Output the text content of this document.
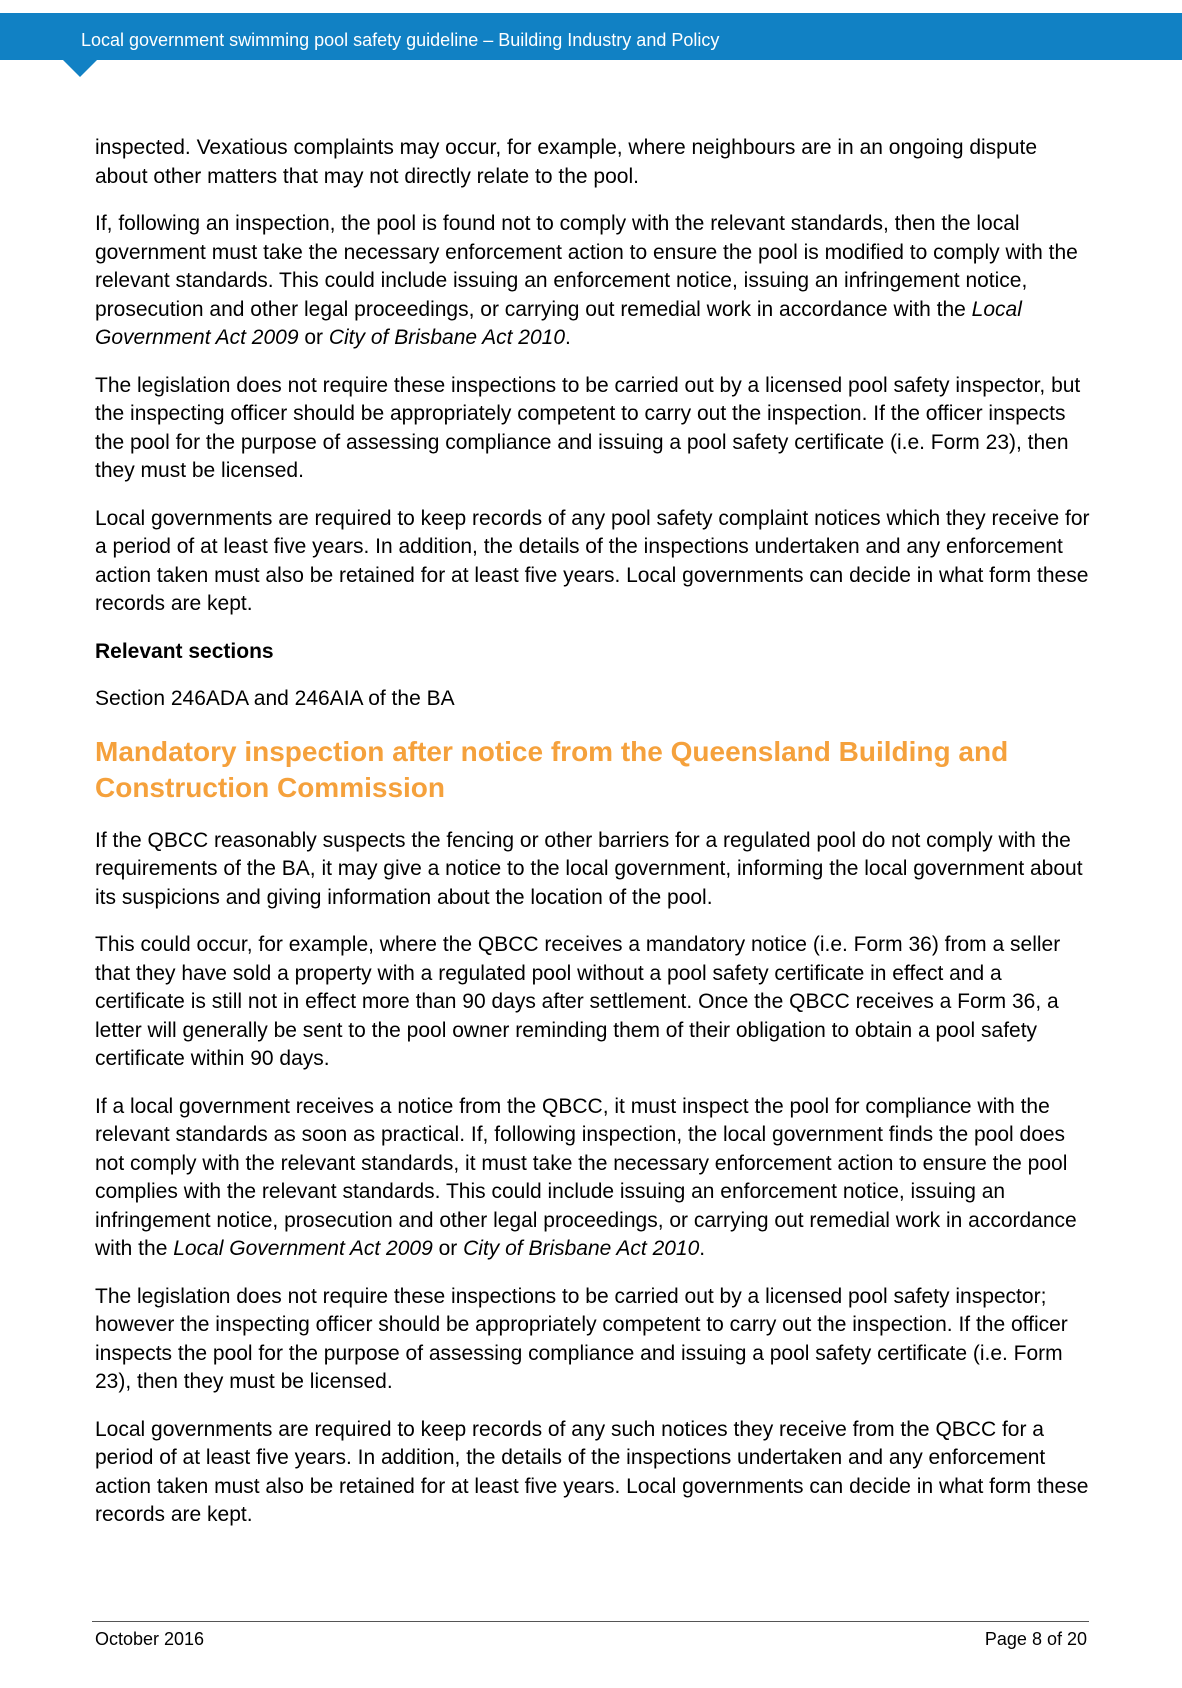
Local government swimming pool safety guideline – Building Industry and Policy

inspected. Vexatious complaints may occur, for example, where neighbours are in an ongoing dispute about other matters that may not directly relate to the pool.

If, following an inspection, the pool is found not to comply with the relevant standards, then the local government must take the necessary enforcement action to ensure the pool is modified to comply with the relevant standards. This could include issuing an enforcement notice, issuing an infringement notice, prosecution and other legal proceedings, or carrying out remedial work in accordance with the Local Government Act 2009 or City of Brisbane Act 2010.

The legislation does not require these inspections to be carried out by a licensed pool safety inspector, but the inspecting officer should be appropriately competent to carry out the inspection. If the officer inspects the pool for the purpose of assessing compliance and issuing a pool safety certificate (i.e. Form 23), then they must be licensed.

Local governments are required to keep records of any pool safety complaint notices which they receive for a period of at least five years. In addition, the details of the inspections undertaken and any enforcement action taken must also be retained for at least five years. Local governments can decide in what form these records are kept.

Relevant sections

Section 246ADA and 246AIA of the BA

Mandatory inspection after notice from the Queensland Building and Construction Commission

If the QBCC reasonably suspects the fencing or other barriers for a regulated pool do not comply with the requirements of the BA, it may give a notice to the local government, informing the local government about its suspicions and giving information about the location of the pool.

This could occur, for example, where the QBCC receives a mandatory notice (i.e. Form 36) from a seller that they have sold a property with a regulated pool without a pool safety certificate in effect and a certificate is still not in effect more than 90 days after settlement. Once the QBCC receives a Form 36, a letter will generally be sent to the pool owner reminding them of their obligation to obtain a pool safety certificate within 90 days.

If a local government receives a notice from the QBCC, it must inspect the pool for compliance with the relevant standards as soon as practical. If, following inspection, the local government finds the pool does not comply with the relevant standards, it must take the necessary enforcement action to ensure the pool complies with the relevant standards. This could include issuing an enforcement notice, issuing an infringement notice, prosecution and other legal proceedings, or carrying out remedial work in accordance with the Local Government Act 2009 or City of Brisbane Act 2010.

The legislation does not require these inspections to be carried out by a licensed pool safety inspector; however the inspecting officer should be appropriately competent to carry out the inspection. If the officer inspects the pool for the purpose of assessing compliance and issuing a pool safety certificate (i.e. Form 23), then they must be licensed.

Local governments are required to keep records of any such notices they receive from the QBCC for a period of at least five years. In addition, the details of the inspections undertaken and any enforcement action taken must also be retained for at least five years. Local governments can decide in what form these records are kept.

October 2016	Page 8 of 20
